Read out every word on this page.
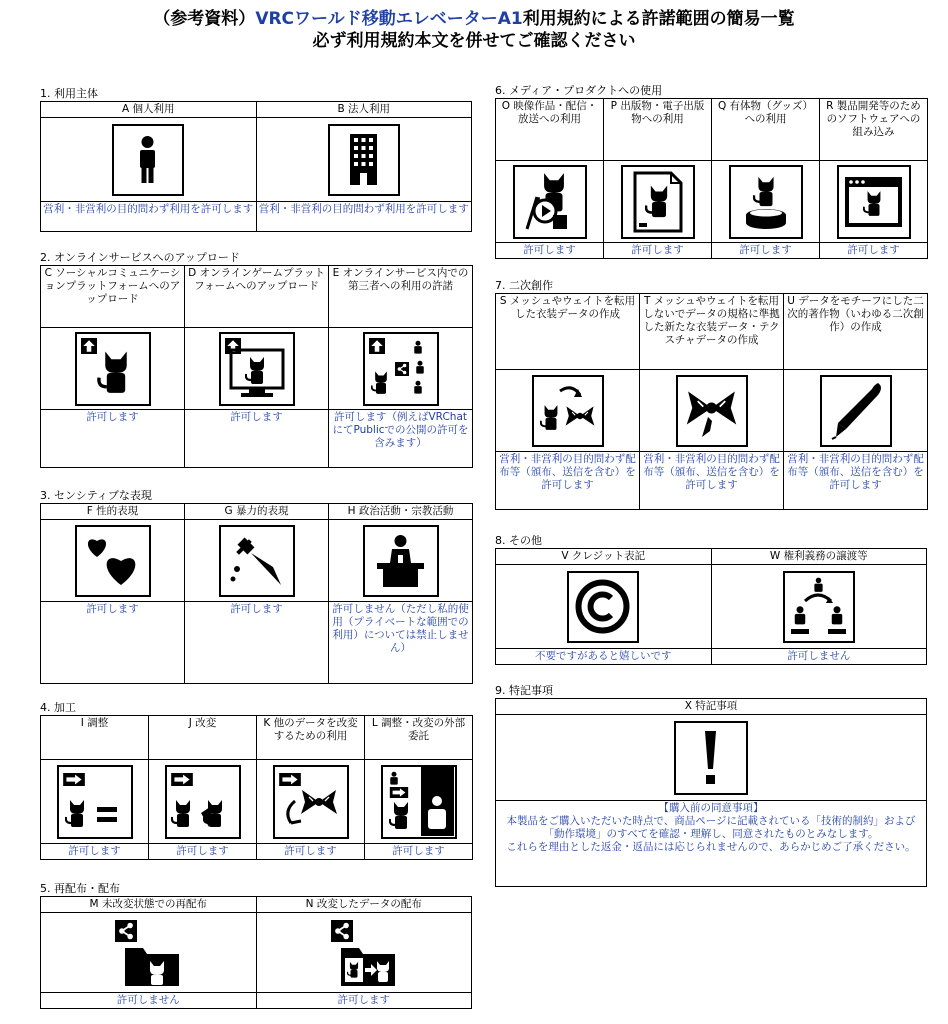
（参考資料）VRCワールド移動エレベーターA1利用規約による許諾範囲の簡易一覧
必ず利用規約本文を併せてご確認ください
1. 利用主体
A 個人利用	B 法人利用

営利・非営利の目的問わず利用を許可します	営利・非営利の目的問わず利用を許可します
2. オンラインサービスへのアップロード
C ソーシャルコミュニケーションプラットフォームへのアップロード	D オンラインゲームプラットフォームへのアップロード	E オンラインサービス内での第三者への利用の許諾

許可します	許可します	許可します（例えばVRChatにてPublicでの公開の許可を含みます）
3. センシティブな表現
F 性的表現	G 暴力的表現	H 政治活動・宗教活動

許可します	許可します	許可しません（ただし私的使用（プライベートな範囲での利用）については禁止しません）
4. 加工
I 調整	J 改変	K 他のデータを改変するための利用	L 調整・改変の外部委託

許可します	許可します	許可します	許可します
5. 再配布・配布
M 未改変状態での再配布	N 改変したデータの配布

許可しません	許可します
6. メディア・プロダクトへの使用
O 映像作品・配信・放送への利用	P 出版物・電子出版物への利用	Q 有体物（グッズ）への利用	R 製品開発等のためのソフトウェアへの組み込み

許可します	許可します	許可します	許可します
7. 二次創作
S メッシュやウェイトを転用した衣装データの作成	T メッシュやウェイトを転用しないでデータの規格に準拠した新たな衣装データ・テクスチャデータの作成	U データをモチーフにした二次的著作物（いわゆる二次創作）の作成

営利・非営利の目的問わず配布等（頒布、送信を含む）を許可します	営利・非営利の目的問わず配布等（頒布、送信を含む）を許可します	営利・非営利の目的問わず配布等（頒布、送信を含む）を許可します
8. その他
V クレジット表記	W 権利義務の譲渡等

不要ですがあると嬉しいです	許可しません
9. 特記事項
X 特記事項

【購入前の同意事項】
本製品をご購入いただいた時点で、商品ページに記載されている「技術的制約」および「動作環境」のすべてを確認・理解し、同意されたものとみなします。
これらを理由とした返金・返品には応じられませんので、あらかじめご了承ください。
